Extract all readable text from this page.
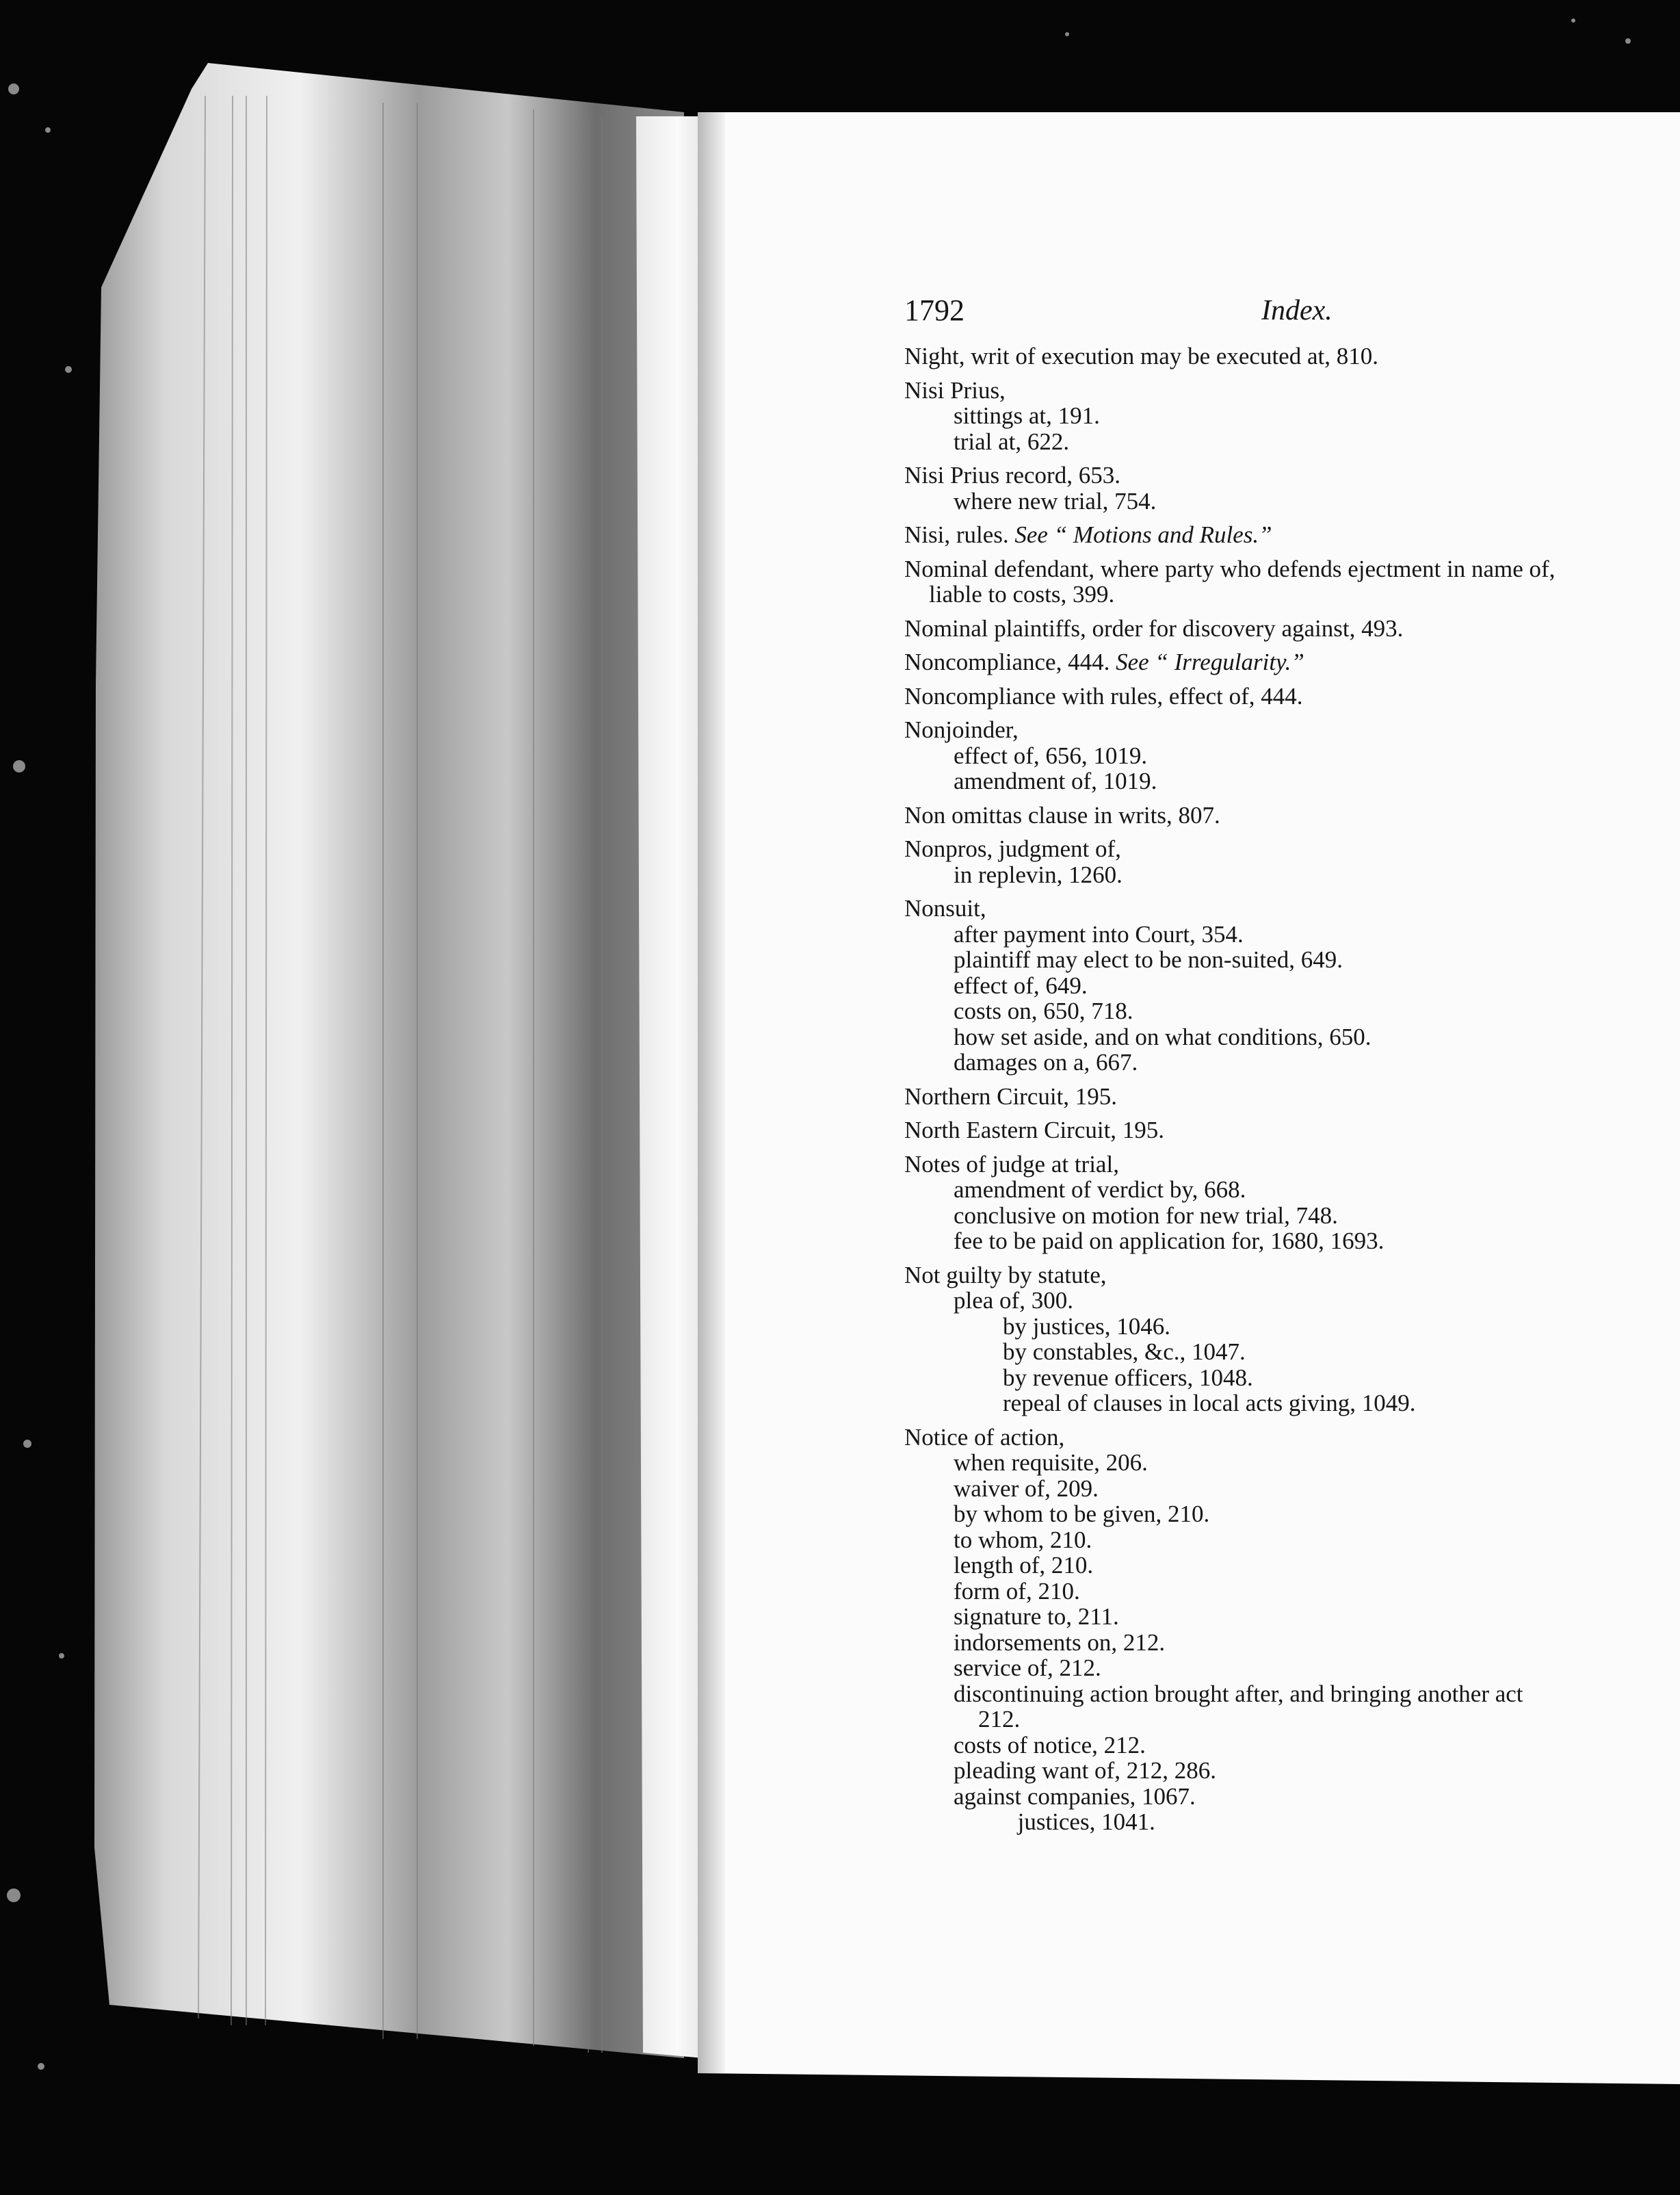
1792	Index.
Night, writ of execution may be executed at, 810.
Nisi Prius,
sittings at, 191.
trial at, 622.
Nisi Prius record, 653.
where new trial, 754.
Nisi, rules. See “ Motions and Rules.”
Nominal defendant, where party who defends ejectment in name of,
liable to costs, 399.
Nominal plaintiffs, order for discovery against, 493.
Noncompliance, 444. See “ Irregularity.”
Noncompliance with rules, effect of, 444.
Nonjoinder,
effect of, 656, 1019.
amendment of, 1019.
Non omittas clause in writs, 807.
Nonpros, judgment of,
in replevin, 1260.
Nonsuit,
after payment into Court, 354.
plaintiff may elect to be non-suited, 649.
effect of, 649.
costs on, 650, 718.
how set aside, and on what conditions, 650.
damages on a, 667.
Northern Circuit, 195.
North Eastern Circuit, 195.
Notes of judge at trial,
amendment of verdict by, 668.
conclusive on motion for new trial, 748.
fee to be paid on application for, 1680, 1693.
Not guilty by statute,
plea of, 300.
by justices, 1046.
by constables, &c., 1047.
by revenue officers, 1048.
repeal of clauses in local acts giving, 1049.
Notice of action,
when requisite, 206.
waiver of, 209.
by whom to be given, 210.
to whom, 210.
length of, 210.
form of, 210.
signature to, 211.
indorsements on, 212.
service of, 212.
discontinuing action brought after, and bringing another act
212.
costs of notice, 212.
pleading want of, 212, 286.
against companies, 1067.
justices, 1041.
